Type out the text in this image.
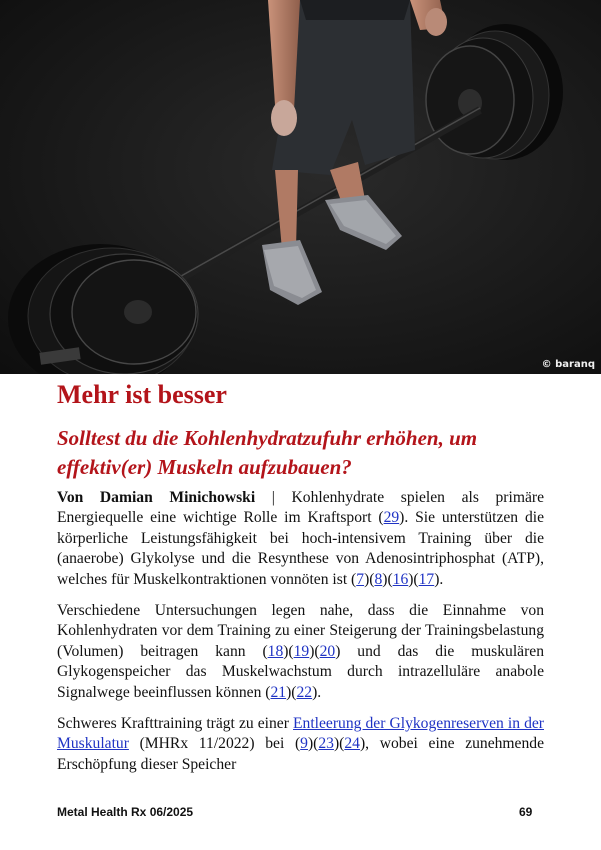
© baranq
Mehr ist besser
Solltest du die Kohlenhydratzufuhr erhöhen, um effektiv(er) Muskeln aufzubauen?

Von Damian Minichowski | Kohlenhydrate spielen als primäre Energiequelle eine wichtige Rolle im Kraftsport (29). Sie unterstützen die körperliche Leistungsfähigkeit bei hoch-intensivem Training über die (anaerobe) Glykolyse und die Resynthese von Adenosintriphosphat (ATP), welches für Muskelkontraktionen vonnöten ist (7)(8)(16)(17).

Verschiedene Untersuchungen legen nahe, dass die Einnahme von Kohlenhydraten vor dem Training zu einer Steigerung der Trainingsbelastung (Volumen) beitragen kann (18)(19)(20) und das die muskulären Glykogenspeicher das Muskelwachstum durch intrazelluläre anabole Signalwege beeinflussen können (21)(22).

Schweres Krafttraining trägt zu einer Entleerung der Glykogenreserven in der Muskulatur (MHRx 11/2022) bei (9)(23)(24), wobei eine zunehmende Erschöpfung dieser Speicher

Metal Health Rx 06/2025	69
